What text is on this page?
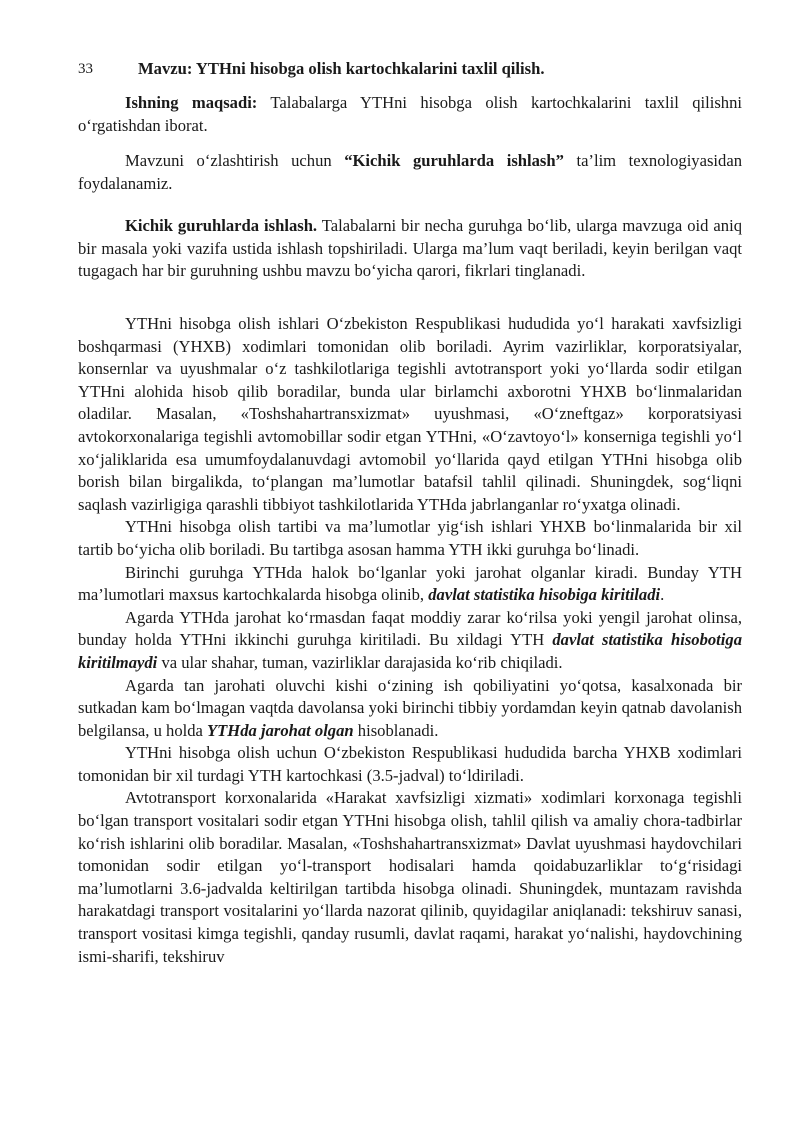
33	Mavzu: YTHni hisobga olish kartochkalarini taxlil qilish.

Ishning maqsadi: Talabalarga YTHni hisobga olish kartochkalarini taxlil qilishni o‘rgatishdan iborat.

Mavzuni o‘zlashtirish uchun “Kichik guruhlarda ishlash” ta’lim texnologiyasidan foydalanamiz.

Kichik guruhlarda ishlash. Talabalarni bir necha guruhga bo‘lib, ularga mavzuga oid aniq bir masala yoki vazifa ustida ishlash topshiriladi. Ularga ma’lum vaqt beriladi, keyin berilgan vaqt tugagach har bir guruhning ushbu mavzu bo‘yicha qarori, fikrlari tinglanadi.

YTHni hisobga olish ishlari O‘zbekiston Respublikasi hududida yo‘l harakati xavfsizligi boshqarmasi (YHXB) xodimlari tomonidan olib boriladi. Ayrim vazirliklar, korporatsiyalar, konsernlar va uyushmalar o‘z tashkilotlariga tegishli avtotransport yoki yo‘llarda sodir etilgan YTHni alohida hisob qilib boradilar, bunda ular birlamchi axborotni YHXB bo‘linmalaridan oladilar. Masalan, «Toshshahartransxizmat» uyushmasi, «O‘zneftgaz» korporatsiyasi avtokorxonalariga tegishli avtomobillar sodir etgan YTHni, «O‘zavtoyo‘l» konserniga tegishli yo‘l xo‘jaliklarida esa umumfoydalanuvdagi avtomobil yo‘llarida qayd etilgan YTHni hisobga olib borish bilan birgalikda, to‘plangan ma’lumotlar batafsil tahlil qilinadi. Shuningdek, sog‘liqni saqlash vazirligiga qarashli tibbiyot tashkilotlarida YTHda jabrlanganlar ro‘yxatga olinadi.

YTHni hisobga olish tartibi va ma’lumotlar yig‘ish ishlari YHXB bo‘linmalarida bir xil tartib bo‘yicha olib boriladi. Bu tartibga asosan hamma YTH ikki guruhga bo‘linadi.

Birinchi guruhga YTHda halok bo‘lganlar yoki jarohat olganlar kiradi. Bunday YTH ma’lumotlari maxsus kartochkalarda hisobga olinib, davlat statistika hisobiga kiritiladi.

Agarda YTHda jarohat ko‘rmasdan faqat moddiy zarar ko‘rilsa yoki yengil jarohat olinsa, bunday holda YTHni ikkinchi guruhga kiritiladi. Bu xildagi YTH davlat statistika hisobotiga kiritilmaydi va ular shahar, tuman, vazirliklar darajasida ko‘rib chiqiladi.

Agarda tan jarohati oluvchi kishi o‘zining ish qobiliyatini yo‘qotsa, kasalxonada bir sutkadan kam bo‘lmagan vaqtda davolansa yoki birinchi tibbiy yordamdan keyin qatnab davolanish belgilansa, u holda YTHda jarohat olgan hisoblanadi.

YTHni hisobga olish uchun O‘zbekiston Respublikasi hududida barcha YHXB xodimlari tomonidan bir xil turdagi YTH kartochkasi (3.5-jadval) to‘ldiriladi.

Avtotransport korxonalarida «Harakat xavfsizligi xizmati» xodimlari korxonaga tegishli bo‘lgan transport vositalari sodir etgan YTHni hisobga olish, tahlil qilish va amaliy chora-tadbirlar ko‘rish ishlarini olib boradilar. Masalan, «Toshshahartransxizmat» Davlat uyushmasi haydovchilari tomonidan sodir etilgan yo‘l-transport hodisalari hamda qoidabuzarliklar to‘g‘risidagi ma’lumotlarni 3.6-jadvalda keltirilgan tartibda hisobga olinadi. Shuningdek, muntazam ravishda harakatdagi transport vositalarini yo‘llarda nazorat qilinib, quyidagilar aniqlanadi: tekshiruv sanasi, transport vositasi kimga tegishli, qanday rusumli, davlat raqami, harakat yo‘nalishi, haydovchining ismi-sharifi, tekshiruv
